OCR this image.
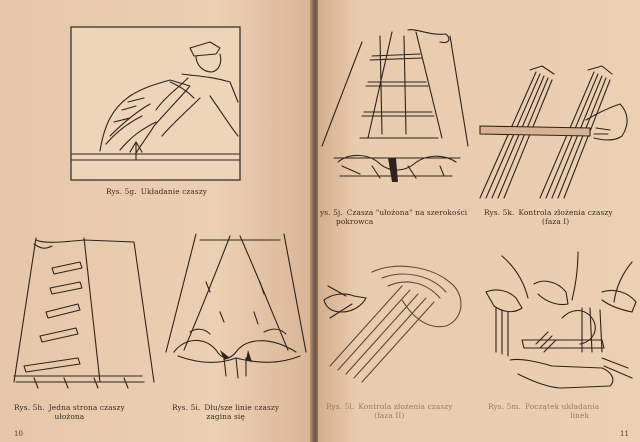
Rys. 5g. Układanie czaszy
Rys. 5h. Jedna strona czaszy
ułożona
Rys. 5i. Dłu/sze linie czaszy
zagina się
10
ys. 5j. Czasza "ułożona" na szerokości
pokrowca
Rys. 5k. Kontrola złożenia czaszy
(faza I)
Rys. 5l. Kontrola złożenia czaszy
(faza II)
Rys. 5m. Początek układania
linek
11
